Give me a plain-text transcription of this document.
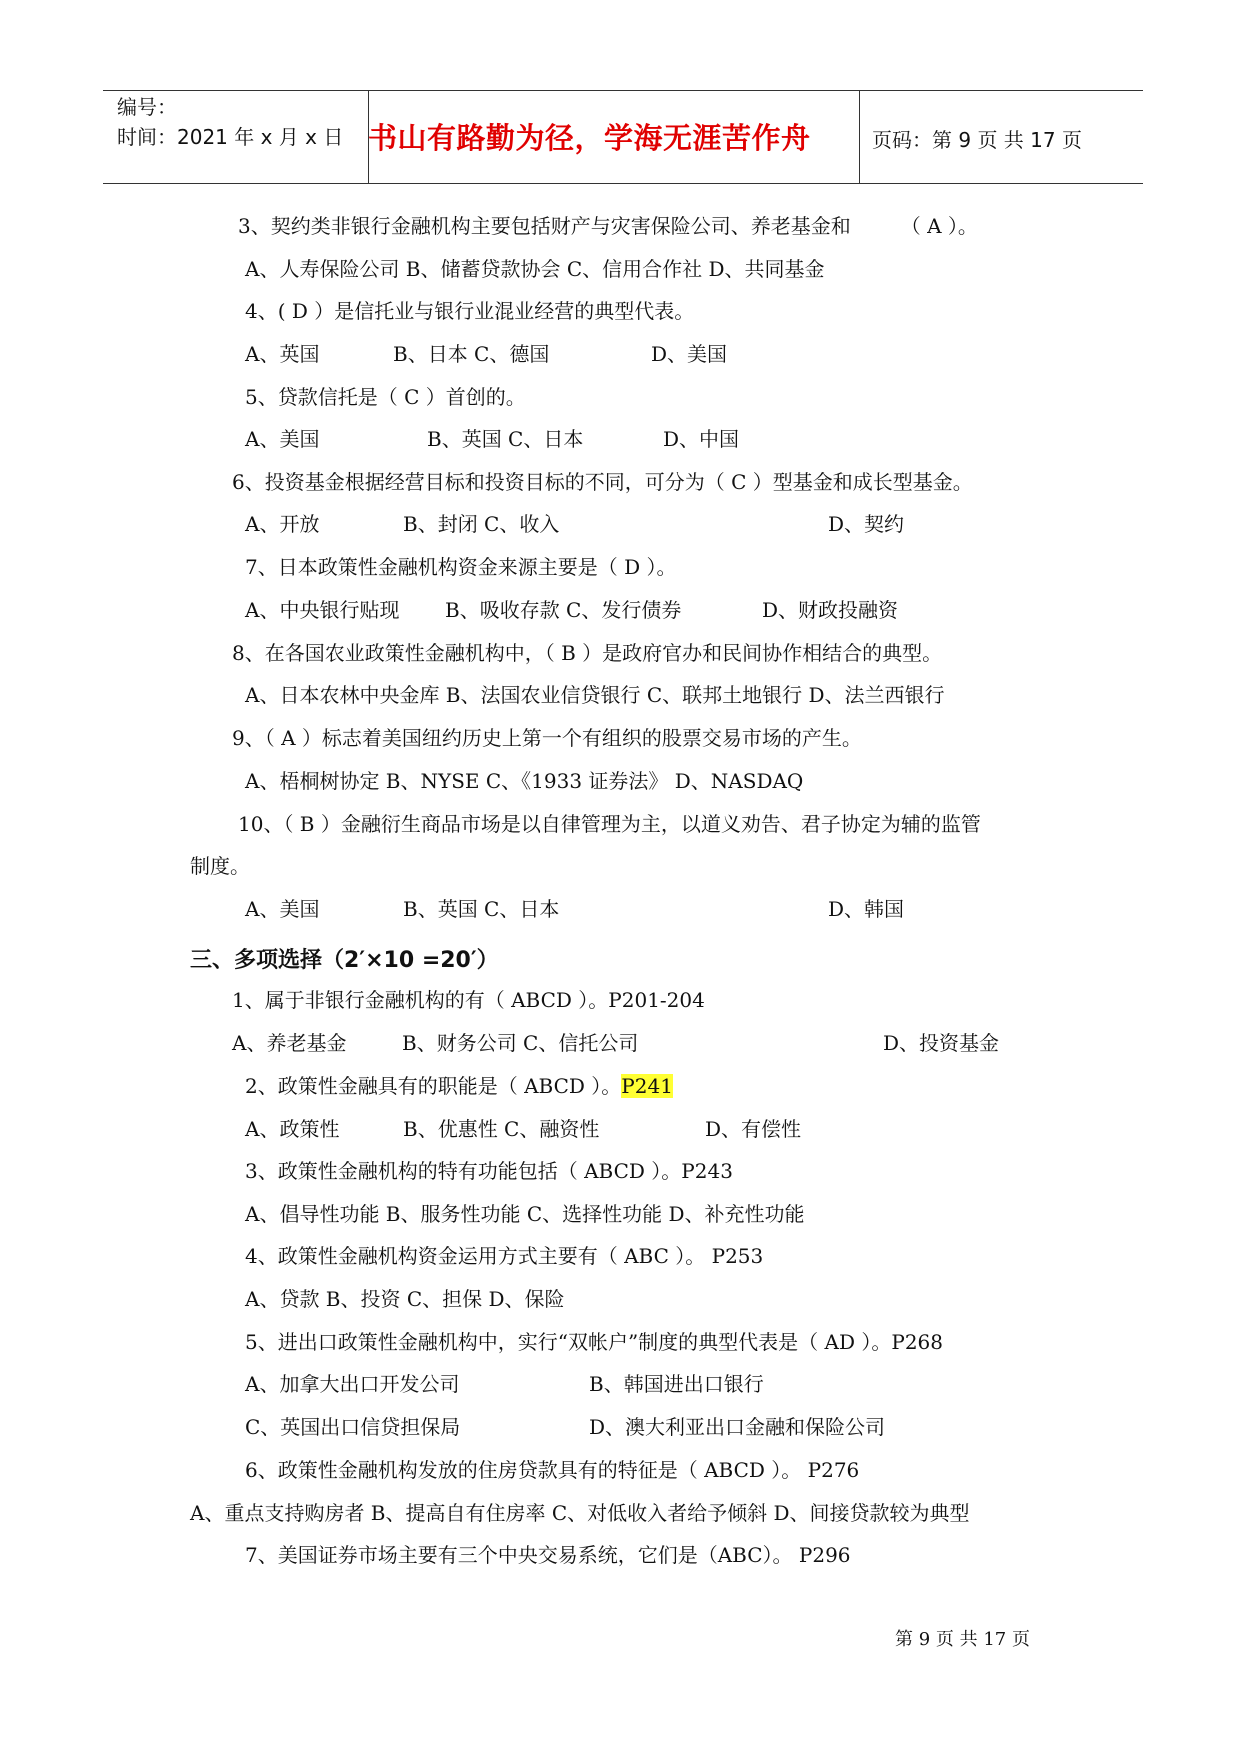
编号：
时间：2021 年 x 月 x 日 书山有路勤为径，学海无涯苦作舟	页码：第 9 页 共 17 页
3、契约类非银行金融机构主要包括财产与灾害保险公司、养老基金和　　　（ A ）。
A、人寿保险公司 B、储蓄贷款协会 C、信用合作社 D、共同基金
4、( D ）是信托业与银行业混业经营的典型代表。
A、英国	B、日本 C、德国	D、美国
5、贷款信托是（ C ）首创的。
A、美国	B、英国 C、日本	D、中国
6、投资基金根据经营目标和投资目标的不同，可分为（ C ）型基金和成长型基金。
A、开放	B、封闭 C、收入	D、契约
7、日本政策性金融机构资金来源主要是（ D ）。
A、中央银行贴现 B、吸收存款 C、发行债券	D、财政投融资
8、在各国农业政策性金融机构中，（ B ）是政府官办和民间协作相结合的典型。
A、日本农林中央金库 B、法国农业信贷银行 C、联邦土地银行 D、法兰西银行
9、（ A ）标志着美国纽约历史上第一个有组织的股票交易市场的产生。
A、梧桐树协定 B、NYSE C、《1933 证券法》 D、NASDAQ
10、（ B ）金融衍生商品市场是以自律管理为主，以道义劝告、君子协定为辅的监管
制度。
A、美国	B、英国 C、日本	D、韩国
三、多项选择（2′×10 =20′）
1、属于非银行金融机构的有（ ABCD ）。P201-204
A、养老基金	B、财务公司 C、信托公司	D、投资基金
2、政策性金融具有的职能是（ ABCD ）。P241
A、政策性	B、优惠性 C、融资性	D、有偿性
3、政策性金融机构的特有功能包括（ ABCD ）。P243
A、倡导性功能 B、服务性功能 C、选择性功能 D、补充性功能
4、政策性金融机构资金运用方式主要有（ ABC ）。 P253
A、贷款 B、投资 C、担保 D、保险
5、进出口政策性金融机构中，实行“双帐户”制度的典型代表是（ AD ）。P268
A、加拿大出口开发公司	B、韩国进出口银行
C、英国出口信贷担保局	D、澳大利亚出口金融和保险公司
6、政策性金融机构发放的住房贷款具有的特征是（ ABCD ）。 P276
A、重点支持购房者 B、提高自有住房率 C、对低收入者给予倾斜 D、间接贷款较为典型
7、美国证券市场主要有三个中央交易系统，它们是（ABC）。 P296
第 9 页 共 17 页
